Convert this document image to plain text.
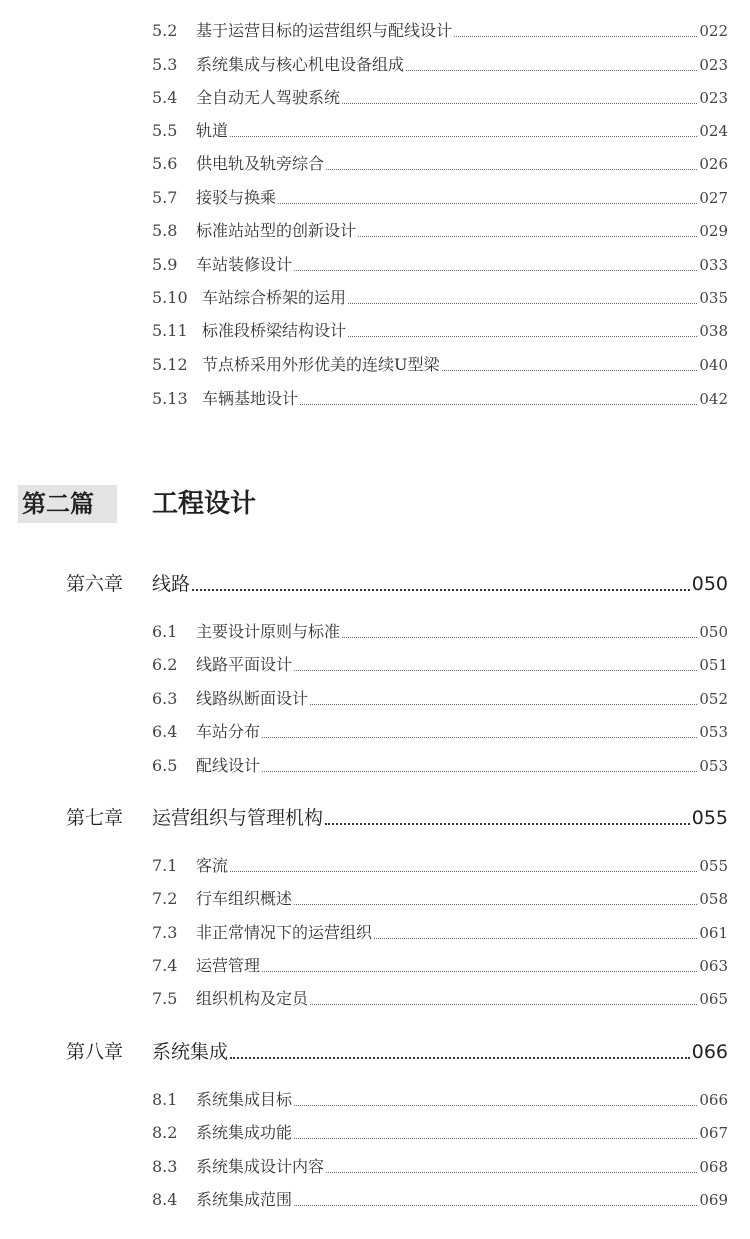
5.2	基于运营目标的运营组织与配线设计	022
5.3	系统集成与核心机电设备组成	023
5.4	全自动无人驾驶系统	023
5.5	轨道	024
5.6	供电轨及轨旁综合	026
5.7	接驳与换乘	027
5.8	标准站站型的创新设计	029
5.9	车站装修设计	033
5.10 车站综合桥架的运用	035
5.11 标准段桥梁结构设计	038
5.12 节点桥采用外形优美的连续U型梁	040
5.13 车辆基地设计	042
第二篇 工程设计
第六章	线路	050
6.1	主要设计原则与标准	050
6.2	线路平面设计	051
6.3	线路纵断面设计	052
6.4	车站分布	053
6.5	配线设计	053
第七章	运营组织与管理机构	055
7.1	客流	055
7.2	行车组织概述	058
7.3	非正常情况下的运营组织	061
7.4	运营管理	063
7.5	组织机构及定员	065
第八章	系统集成	066
8.1	系统集成目标	066
8.2	系统集成功能	067
8.3	系统集成设计内容	068
8.4	系统集成范围	069
